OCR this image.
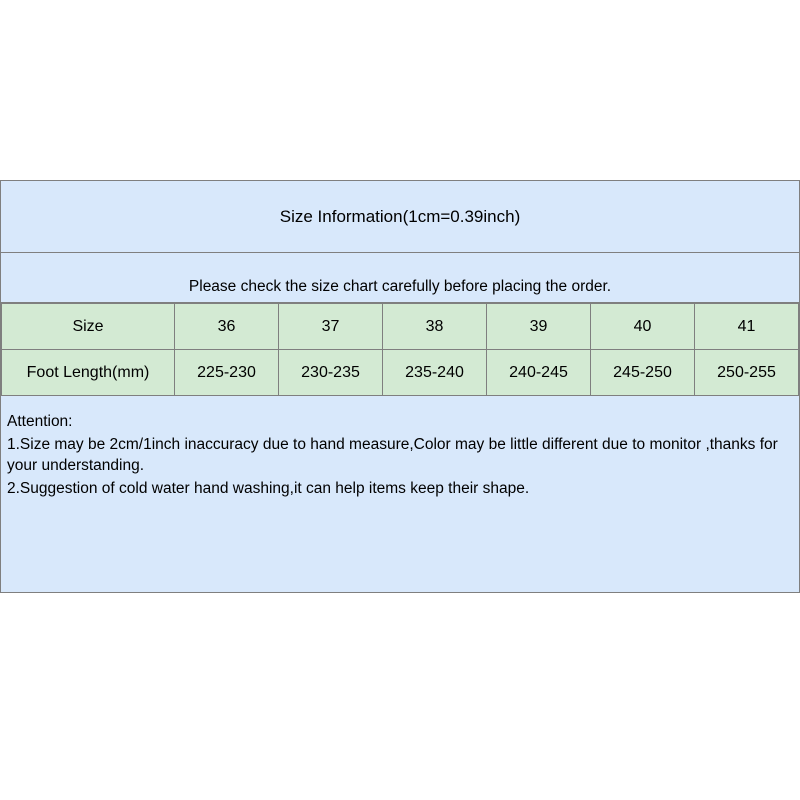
Size Information(1cm=0.39inch)
Please check the size chart carefully before placing the order.
Size	36	37	38	39	40	41
Foot Length(mm)	225-230	230-235	235-240	240-245	245-250	250-255

Attention:

1.Size may be 2cm/1inch inaccuracy due to hand measure,Color may be little different due to monitor ,thanks for your understanding.

2.Suggestion of cold water hand washing,it can help items keep their shape.
